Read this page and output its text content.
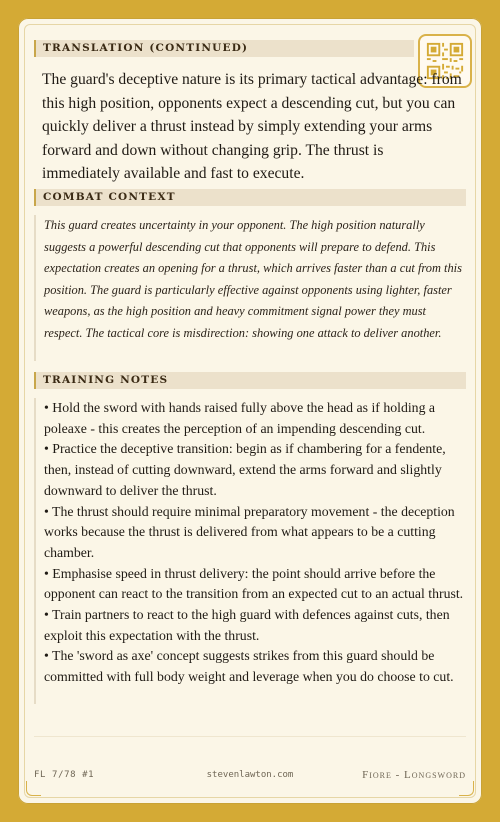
TRANSLATION (CONTINUED)

The guard's deceptive nature is its primary tactical advantage: from this high position, opponents expect a descending cut, but you can quickly deliver a thrust instead by simply extending your arms forward and down without changing grip. The thrust is immediately available and fast to execute.

COMBAT CONTEXT

This guard creates uncertainty in your opponent. The high position naturally suggests a powerful descending cut that opponents will prepare to defend. This expectation creates an opening for a thrust, which arrives faster than a cut from this position. The guard is particularly effective against opponents using lighter, faster weapons, as the high position and heavy commitment signal power they must respect. The tactical core is misdirection: showing one attack to deliver another.

TRAINING NOTES

• Hold the sword with hands raised fully above the head as if holding a poleaxe - this creates the perception of an impending descending cut.

• Practice the deceptive transition: begin as if chambering for a fendente, then, instead of cutting downward, extend the arms forward and slightly downward to deliver the thrust.

• The thrust should require minimal preparatory movement - the deception works because the thrust is delivered from what appears to be a cutting chamber.

• Emphasise speed in thrust delivery: the point should arrive before the opponent can react to the transition from an expected cut to an actual thrust.

• Train partners to react to the high guard with defences against cuts, then exploit this expectation with the thrust.

• The 'sword as axe' concept suggests strikes from this guard should be committed with full body weight and leverage when you do choose to cut.

FL 7/78 #1	stevenlawton.com	Fiore - Longsword
